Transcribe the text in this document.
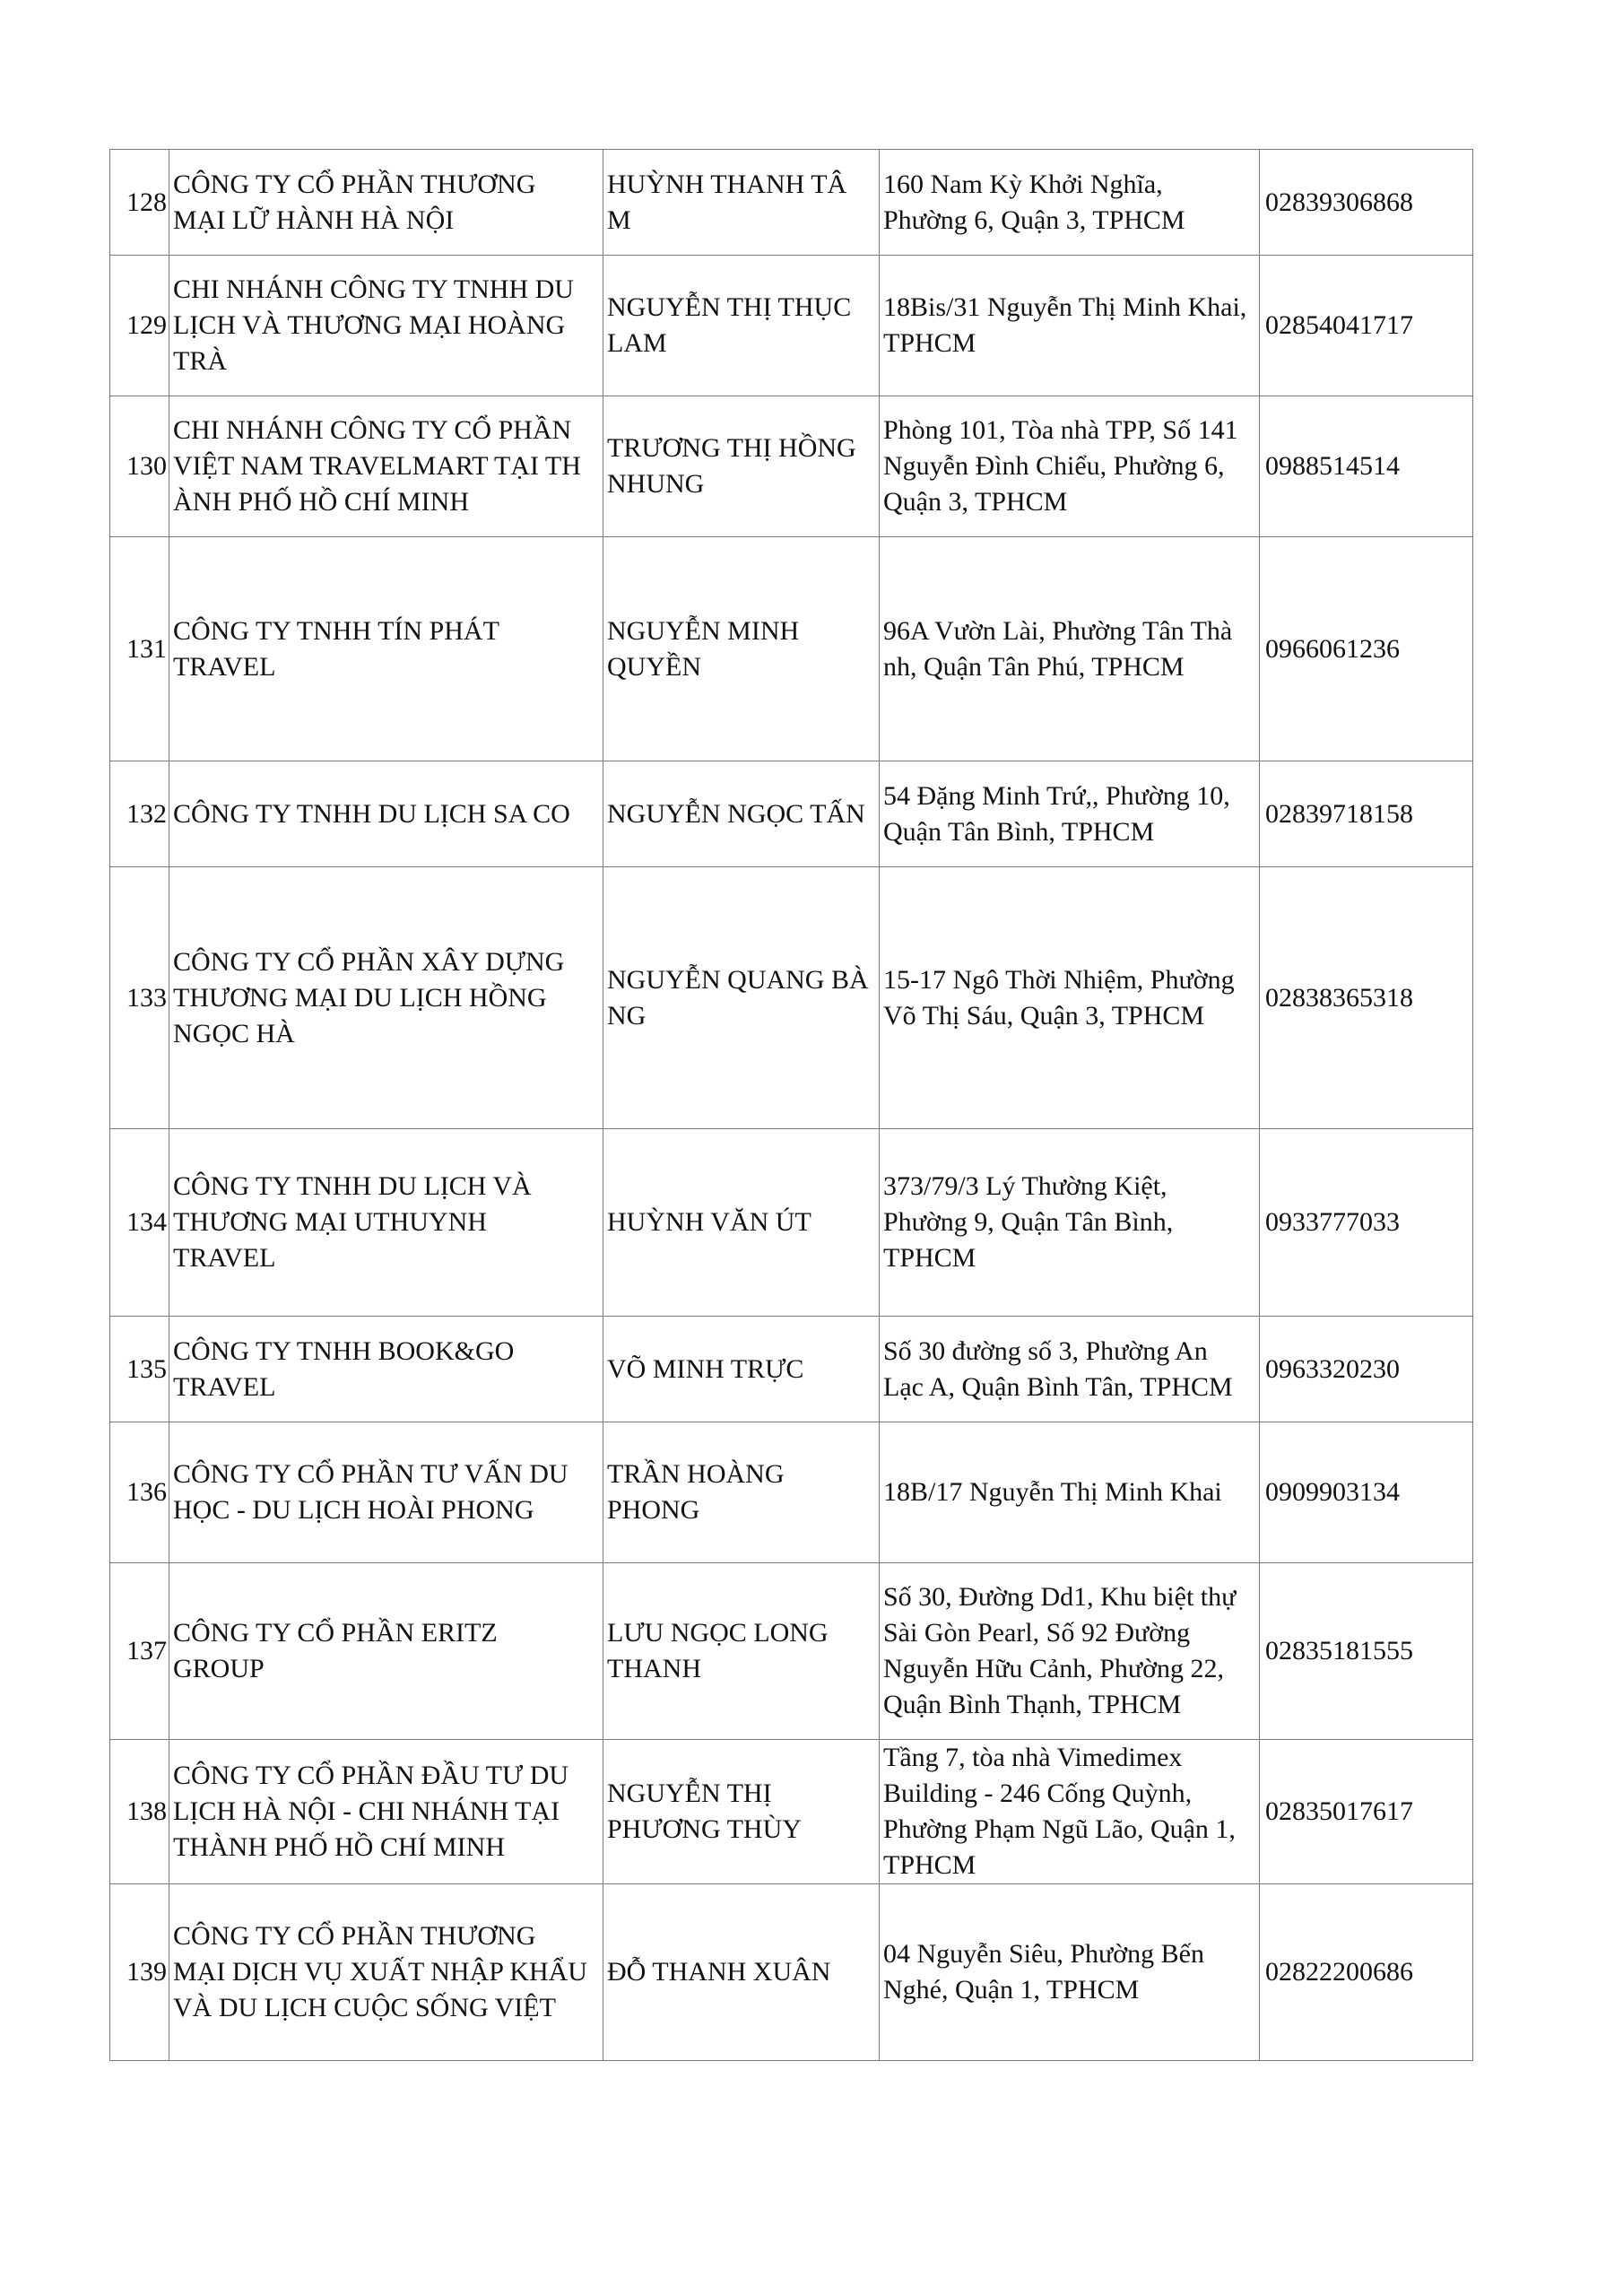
128	CÔNG TY CỔ PHẦN THƯƠNG
MẠI LỮ HÀNH HÀ NỘI	HUỲNH THANH TÂ
M	160 Nam Kỳ Khởi Nghĩa,
Phường 6, Quận 3, TPHCM	02839306868

129	CHI NHÁNH CÔNG TY TNHH DU
LỊCH VÀ THƯƠNG MẠI HOÀNG
TRÀ	NGUYỄN THỊ THỤC
LAM	18Bis/31 Nguyễn Thị Minh Khai,
TPHCM	02854041717

130	CHI NHÁNH CÔNG TY CỔ PHẦN
VIỆT NAM TRAVELMART TẠI TH
ÀNH PHỐ HỒ CHÍ MINH	TRƯƠNG THỊ HỒNG
NHUNG	Phòng 101, Tòa nhà TPP, Số 141
Nguyễn Đình Chiểu, Phường 6,
Quận 3, TPHCM	0988514514

131	CÔNG TY TNHH TÍN PHÁT
TRAVEL	NGUYỄN MINH
QUYỀN	96A Vườn Lài, Phường Tân Thà
nh, Quận Tân Phú, TPHCM	0966061236

132	CÔNG TY TNHH DU LỊCH SA CO	NGUYỄN NGỌC TẤN	54 Đặng Minh Trứ,, Phường 10,
Quận Tân Bình, TPHCM	02839718158

133	CÔNG TY CỔ PHẦN XÂY DỰNG
THƯƠNG MẠI DU LỊCH HỒNG
NGỌC HÀ	NGUYỄN QUANG BÀ
NG	15-17 Ngô Thời Nhiệm, Phường
Võ Thị Sáu, Quận 3, TPHCM	02838365318

134	CÔNG TY TNHH DU LỊCH VÀ
THƯƠNG MẠI UTHUYNH
TRAVEL	HUỲNH VĂN ÚT	373/79/3 Lý Thường Kiệt,
Phường 9, Quận Tân Bình,
TPHCM	0933777033

135	CÔNG TY TNHH BOOK&GO
TRAVEL	VÕ MINH TRỰC	Số 30 đường số 3, Phường An
Lạc A, Quận Bình Tân, TPHCM	0963320230

136	CÔNG TY CỔ PHẦN TƯ VẤN DU
HỌC - DU LỊCH HOÀI PHONG	TRẦN HOÀNG
PHONG	18B/17 Nguyễn Thị Minh Khai	0909903134

137	CÔNG TY CỔ PHẦN ERITZ
GROUP	LƯU NGỌC LONG
THANH	Số 30, Đường Dd1, Khu biệt thự
Sài Gòn Pearl, Số 92 Đường
Nguyễn Hữu Cảnh, Phường 22,
Quận Bình Thạnh, TPHCM	02835181555

138	CÔNG TY CỔ PHẦN ĐẦU TƯ DU
LỊCH HÀ NỘI - CHI NHÁNH TẠI
THÀNH PHỐ HỒ CHÍ MINH	NGUYỄN THỊ
PHƯƠNG THÙY	Tầng 7, tòa nhà Vimedimex
Building - 246 Cống Quỳnh,
Phường Phạm Ngũ Lão, Quận 1,
TPHCM	02835017617

139	CÔNG TY CỔ PHẦN THƯƠNG
MẠI DỊCH VỤ XUẤT NHẬP KHẨU
VÀ DU LỊCH CUỘC SỐNG VIỆT	ĐỖ THANH XUÂN	04 Nguyễn Siêu, Phường Bến
Nghé, Quận 1, TPHCM	02822200686
